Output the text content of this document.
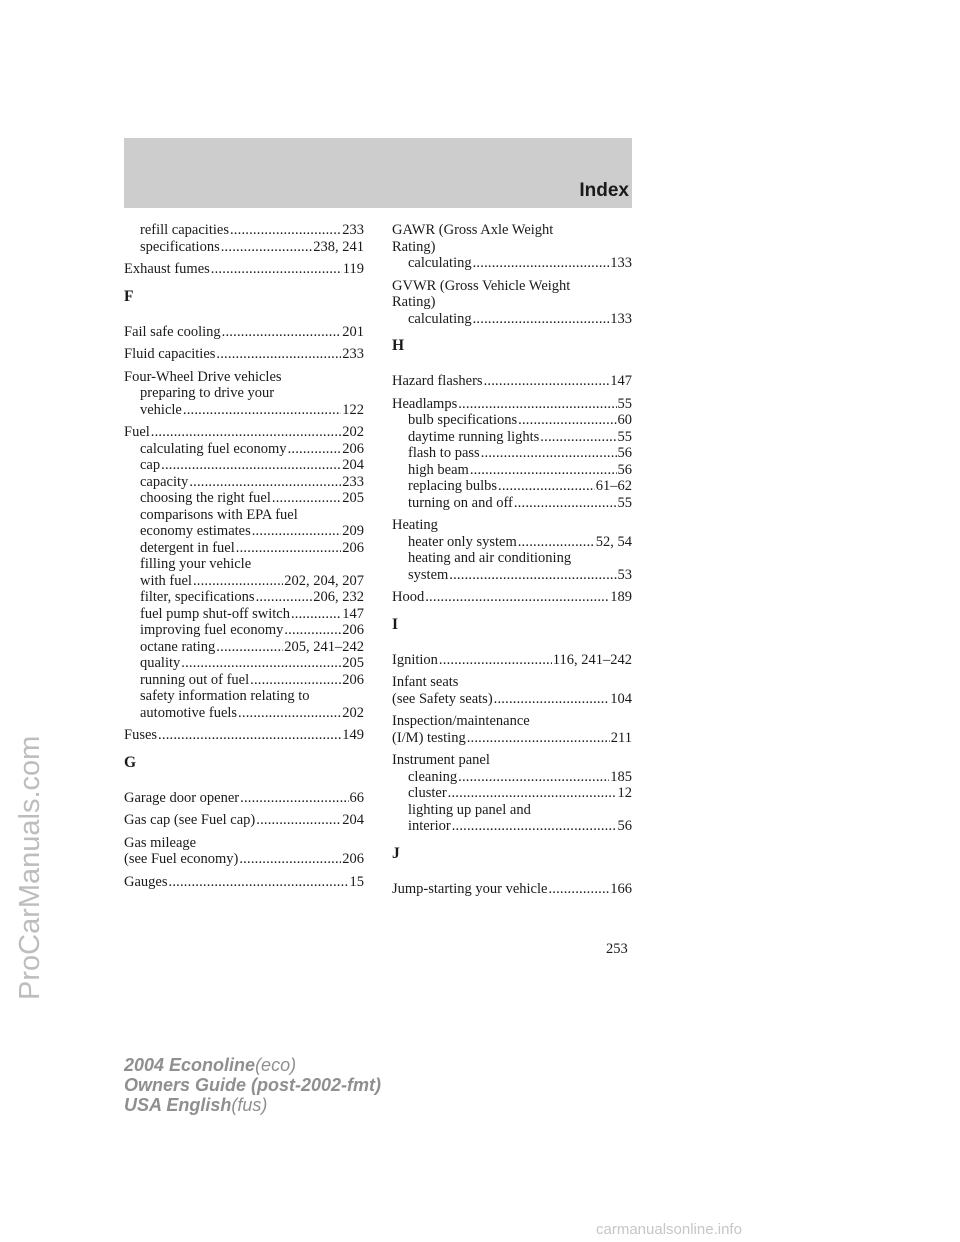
Index
refill capacities .....	233
specifications .....	238, 241
Exhaust fumes .....	119
F
Fail safe cooling .....	201
Fluid capacities .....	233
Four-Wheel Drive vehicles
preparing to drive your
vehicle .....	122
Fuel .....	202
calculating fuel economy .....	206
cap .....	204
capacity .....	233
choosing the right fuel .....	205
comparisons with EPA fuel
economy estimates .....	209
detergent in fuel .....	206
filling your vehicle
with fuel .....	202, 204, 207
filter, specifications .....	206, 232
fuel pump shut-off switch .....	147
improving fuel economy .....	206
octane rating .....	205, 241–242
quality .....	205
running out of fuel .....	206
safety information relating to
automotive fuels .....	202
Fuses .....	149
G
Garage door opener .....	66
Gas cap (see Fuel cap) .....	204
Gas mileage
(see Fuel economy) .....	206
Gauges .....	15
GAWR (Gross Axle Weight
Rating)
calculating .....	133
GVWR (Gross Vehicle Weight
Rating)
calculating .....	133
H
Hazard flashers .....	147
Headlamps .....	55
bulb specifications .....	60
daytime running lights .....	55
flash to pass .....	56
high beam .....	56
replacing bulbs .....	61–62
turning on and off .....	55
Heating
heater only system .....	52, 54
heating and air conditioning
system .....	53
Hood .....	189
I
Ignition .....	116, 241–242
Infant seats
(see Safety seats) .....	104
Inspection/maintenance
(I/M) testing .....	211
Instrument panel
cleaning .....	185
cluster .....	12
lighting up panel and
interior .....	56
J
Jump-starting your vehicle .....	166
253
2004 Econoline(eco)
Owners Guide (post-2002-fmt)
USA English(fus)
ProCarManuals.com
carmanualsonline.info
